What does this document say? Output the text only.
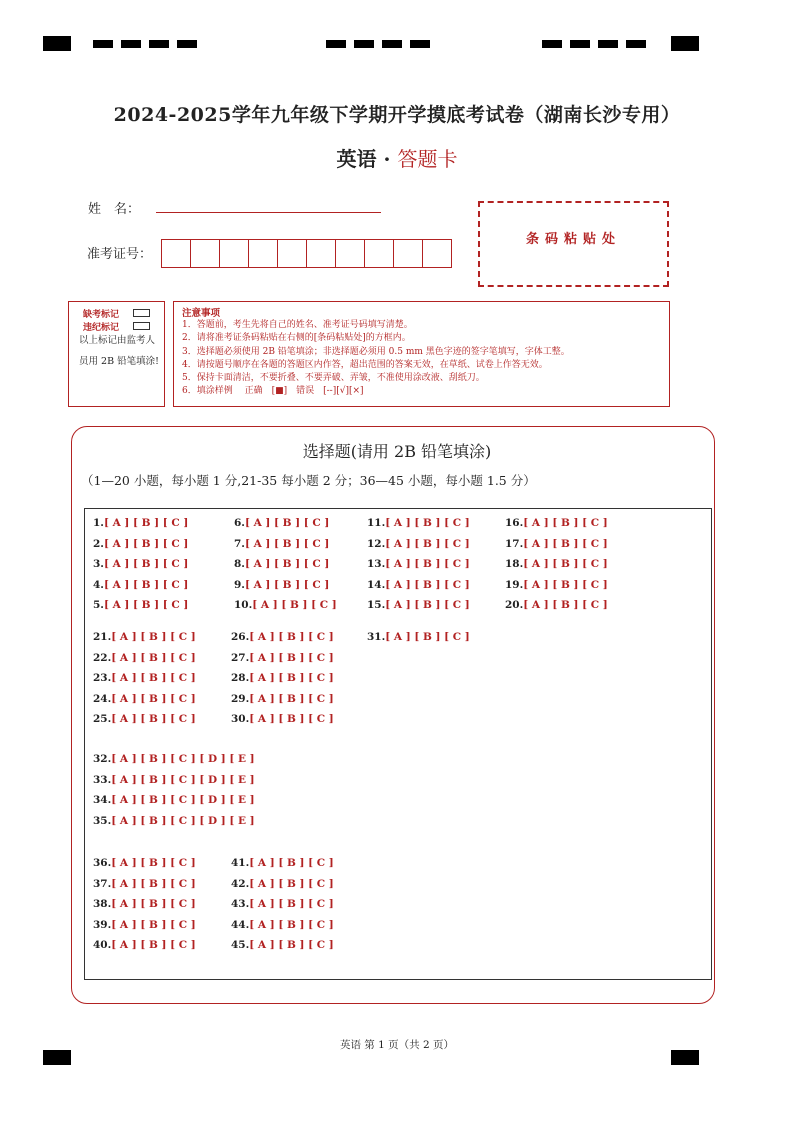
2024-2025学年九年级下学期开学摸底考试卷（湖南长沙专用）
英语 · 答题卡
姓　名：
准考证号：
条码粘贴处
缺考标记
违纪标记
以上标记由监考人员用 2B 铅笔填涂!
注意事项
1．答题前，考生先将自己的姓名、准考证号码填写清楚。
2．请将准考证条码粘贴在右侧的[条码粘贴处]的方框内。
3．选择题必须使用 2B 铅笔填涂；非选择题必须用 0.5 mm 黑色字迹的签字笔填写，字体工整。
4．请按题号顺序在各题的答题区内作答，超出范围的答案无效，在草纸、试卷上作答无效。
5．保持卡面清洁，不要折叠、不要弄破、弄皱，不准使用涂改液、刮纸刀。
6．填涂样例　 正确　[■]　错误　[--][√][×]
选择题(请用 2B 铅笔填涂)
（1—20 小题，每小题 1 分,21-35 每小题 2 分；36—45 小题，每小题 1.5 分）
1.[ A ] [ B ] [ C ]
2.[ A ] [ B ] [ C ]
3.[ A ] [ B ] [ C ]
4.[ A ] [ B ] [ C ]
5.[ A ] [ B ] [ C ]
6.[ A ] [ B ] [ C ]
7.[ A ] [ B ] [ C ]
8.[ A ] [ B ] [ C ]
9.[ A ] [ B ] [ C ]
10.[ A ] [ B ] [ C ]
11.[ A ] [ B ] [ C ]
12.[ A ] [ B ] [ C ]
13.[ A ] [ B ] [ C ]
14.[ A ] [ B ] [ C ]
15.[ A ] [ B ] [ C ]
16.[ A ] [ B ] [ C ]
17.[ A ] [ B ] [ C ]
18.[ A ] [ B ] [ C ]
19.[ A ] [ B ] [ C ]
20.[ A ] [ B ] [ C ]
21.[ A ] [ B ] [ C ]
22.[ A ] [ B ] [ C ]
23.[ A ] [ B ] [ C ]
24.[ A ] [ B ] [ C ]
25.[ A ] [ B ] [ C ]
26.[ A ] [ B ] [ C ]
27.[ A ] [ B ] [ C ]
28.[ A ] [ B ] [ C ]
29.[ A ] [ B ] [ C ]
30.[ A ] [ B ] [ C ]
31.[ A ] [ B ] [ C ]
32.[ A ] [ B ] [ C ] [ D ] [ E ]
33.[ A ] [ B ] [ C ] [ D ] [ E ]
34.[ A ] [ B ] [ C ] [ D ] [ E ]
35.[ A ] [ B ] [ C ] [ D ] [ E ]
36.[ A ] [ B ] [ C ]
37.[ A ] [ B ] [ C ]
38.[ A ] [ B ] [ C ]
39.[ A ] [ B ] [ C ]
40.[ A ] [ B ] [ C ]
41.[ A ] [ B ] [ C ]
42.[ A ] [ B ] [ C ]
43.[ A ] [ B ] [ C ]
44.[ A ] [ B ] [ C ]
45.[ A ] [ B ] [ C ]
英语 第 1 页（共 2 页）
